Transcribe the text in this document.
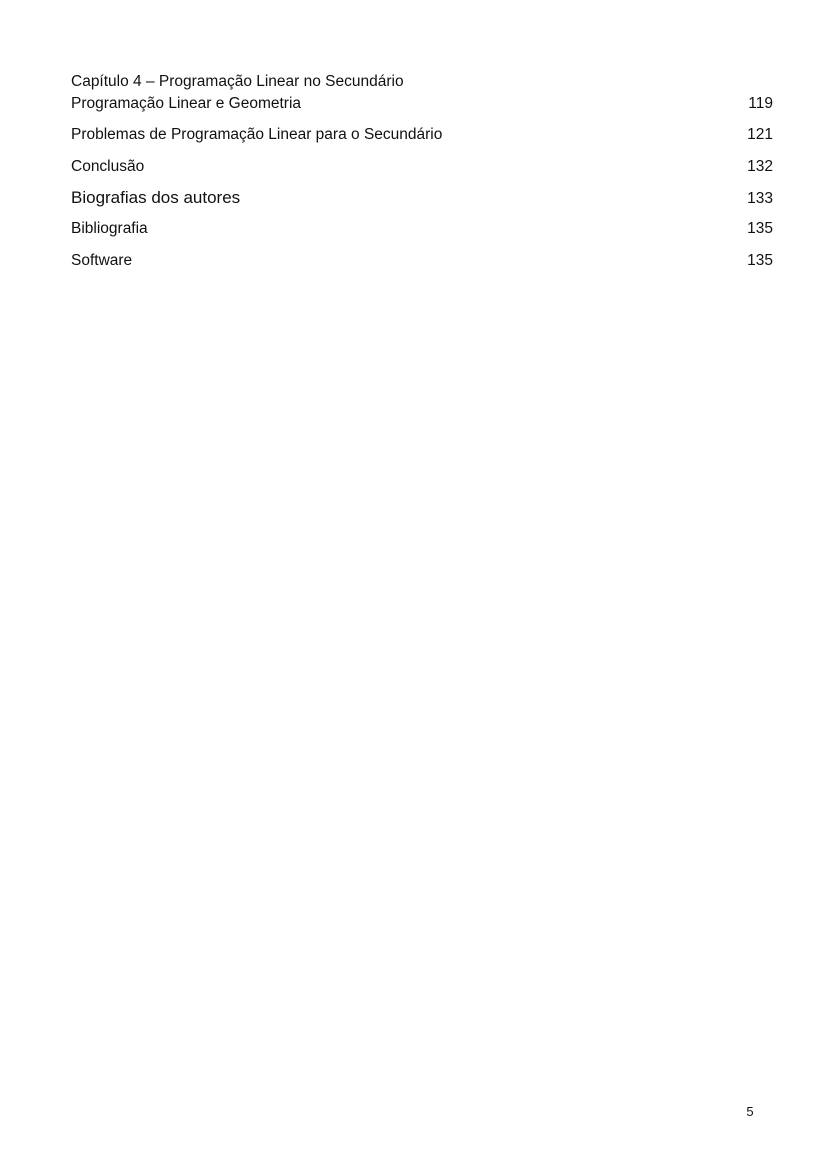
Capítulo 4 – Programação Linear no Secundário
Programação Linear e Geometria	119
Problemas de Programação Linear para o Secundário	121
Conclusão	132
Biografias dos autores	133
Bibliografia	135
Software	135
5
